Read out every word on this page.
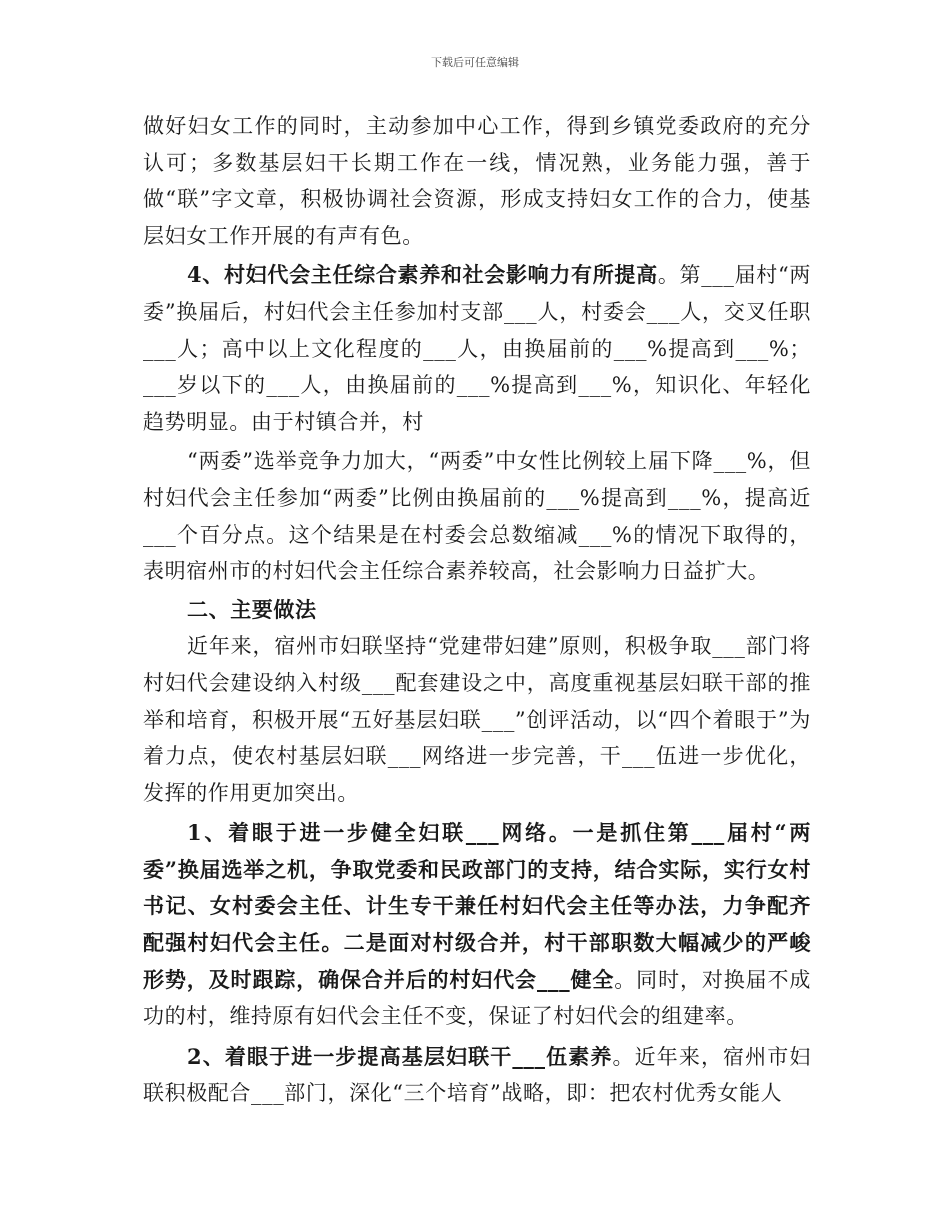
下载后可任意编辑

做好妇女工作的同时，主动参加中心工作，得到乡镇党委政府的充分认可；多数基层妇干长期工作在一线，情况熟，业务能力强，善于做“联”字文章，积极协调社会资源，形成支持妇女工作的合力，使基层妇女工作开展的有声有色。

4、村妇代会主任综合素养和社会影响力有所提高。第___届村“两委”换届后，村妇代会主任参加村支部___人，村委会___人，交叉任职___人；高中以上文化程度的___人，由换届前的___%提高到___%；___岁以下的___人，由换届前的___%提高到___%，知识化、年轻化趋势明显。由于村镇合并，村

“两委”选举竞争力加大，“两委”中女性比例较上届下降___%，但村妇代会主任参加“两委”比例由换届前的___%提高到___%，提高近___个百分点。这个结果是在村委会总数缩减___%的情况下取得的，表明宿州市的村妇代会主任综合素养较高，社会影响力日益扩大。

二、主要做法

近年来，宿州市妇联坚持“党建带妇建”原则，积极争取___部门将村妇代会建设纳入村级___配套建设之中，高度重视基层妇联干部的推举和培育，积极开展“五好基层妇联___”创评活动，以“四个着眼于”为着力点，使农村基层妇联___网络进一步完善，干___伍进一步优化，发挥的作用更加突出。

1、着眼于进一步健全妇联___网络。一是抓住第___届村“两委”换届选举之机，争取党委和民政部门的支持，结合实际，实行女村书记、女村委会主任、计生专干兼任村妇代会主任等办法，力争配齐配强村妇代会主任。二是面对村级合并，村干部职数大幅减少的严峻形势，及时跟踪，确保合并后的村妇代会___健全。同时，对换届不成功的村，维持原有妇代会主任不变，保证了村妇代会的组建率。

2、着眼于进一步提高基层妇联干___伍素养。近年来，宿州市妇联积极配合___部门，深化“三个培育”战略，即：把农村优秀女能人
